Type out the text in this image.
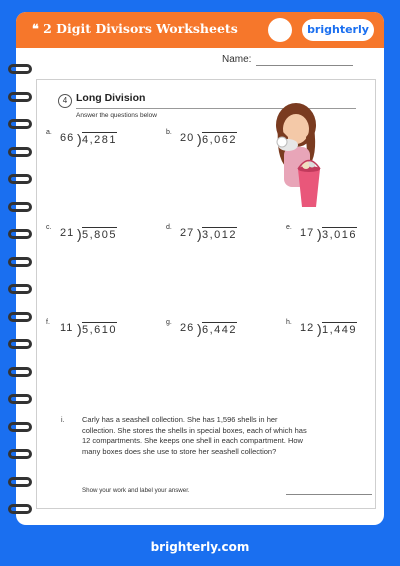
❝ 2 Digit Divisors Worksheets	brighterly
Name:
4 Long Division
Answer the questions below
a. 66 ) 4,281
b. 20 ) 6,062
c. 21 ) 5,805
d. 27 ) 3,012
e. 17 ) 3,016
f. 11 ) 5,610
g. 26 ) 6,442
h. 12 ) 1,449
i. Carly has a seashell collection. She has 1,596 shells in her collection. She stores the shells in special boxes, each of which has 12 compartments. She keeps one shell in each compartment. How many boxes does she use to store her seashell collection?
Show your work and label your answer.
brighterly.com
